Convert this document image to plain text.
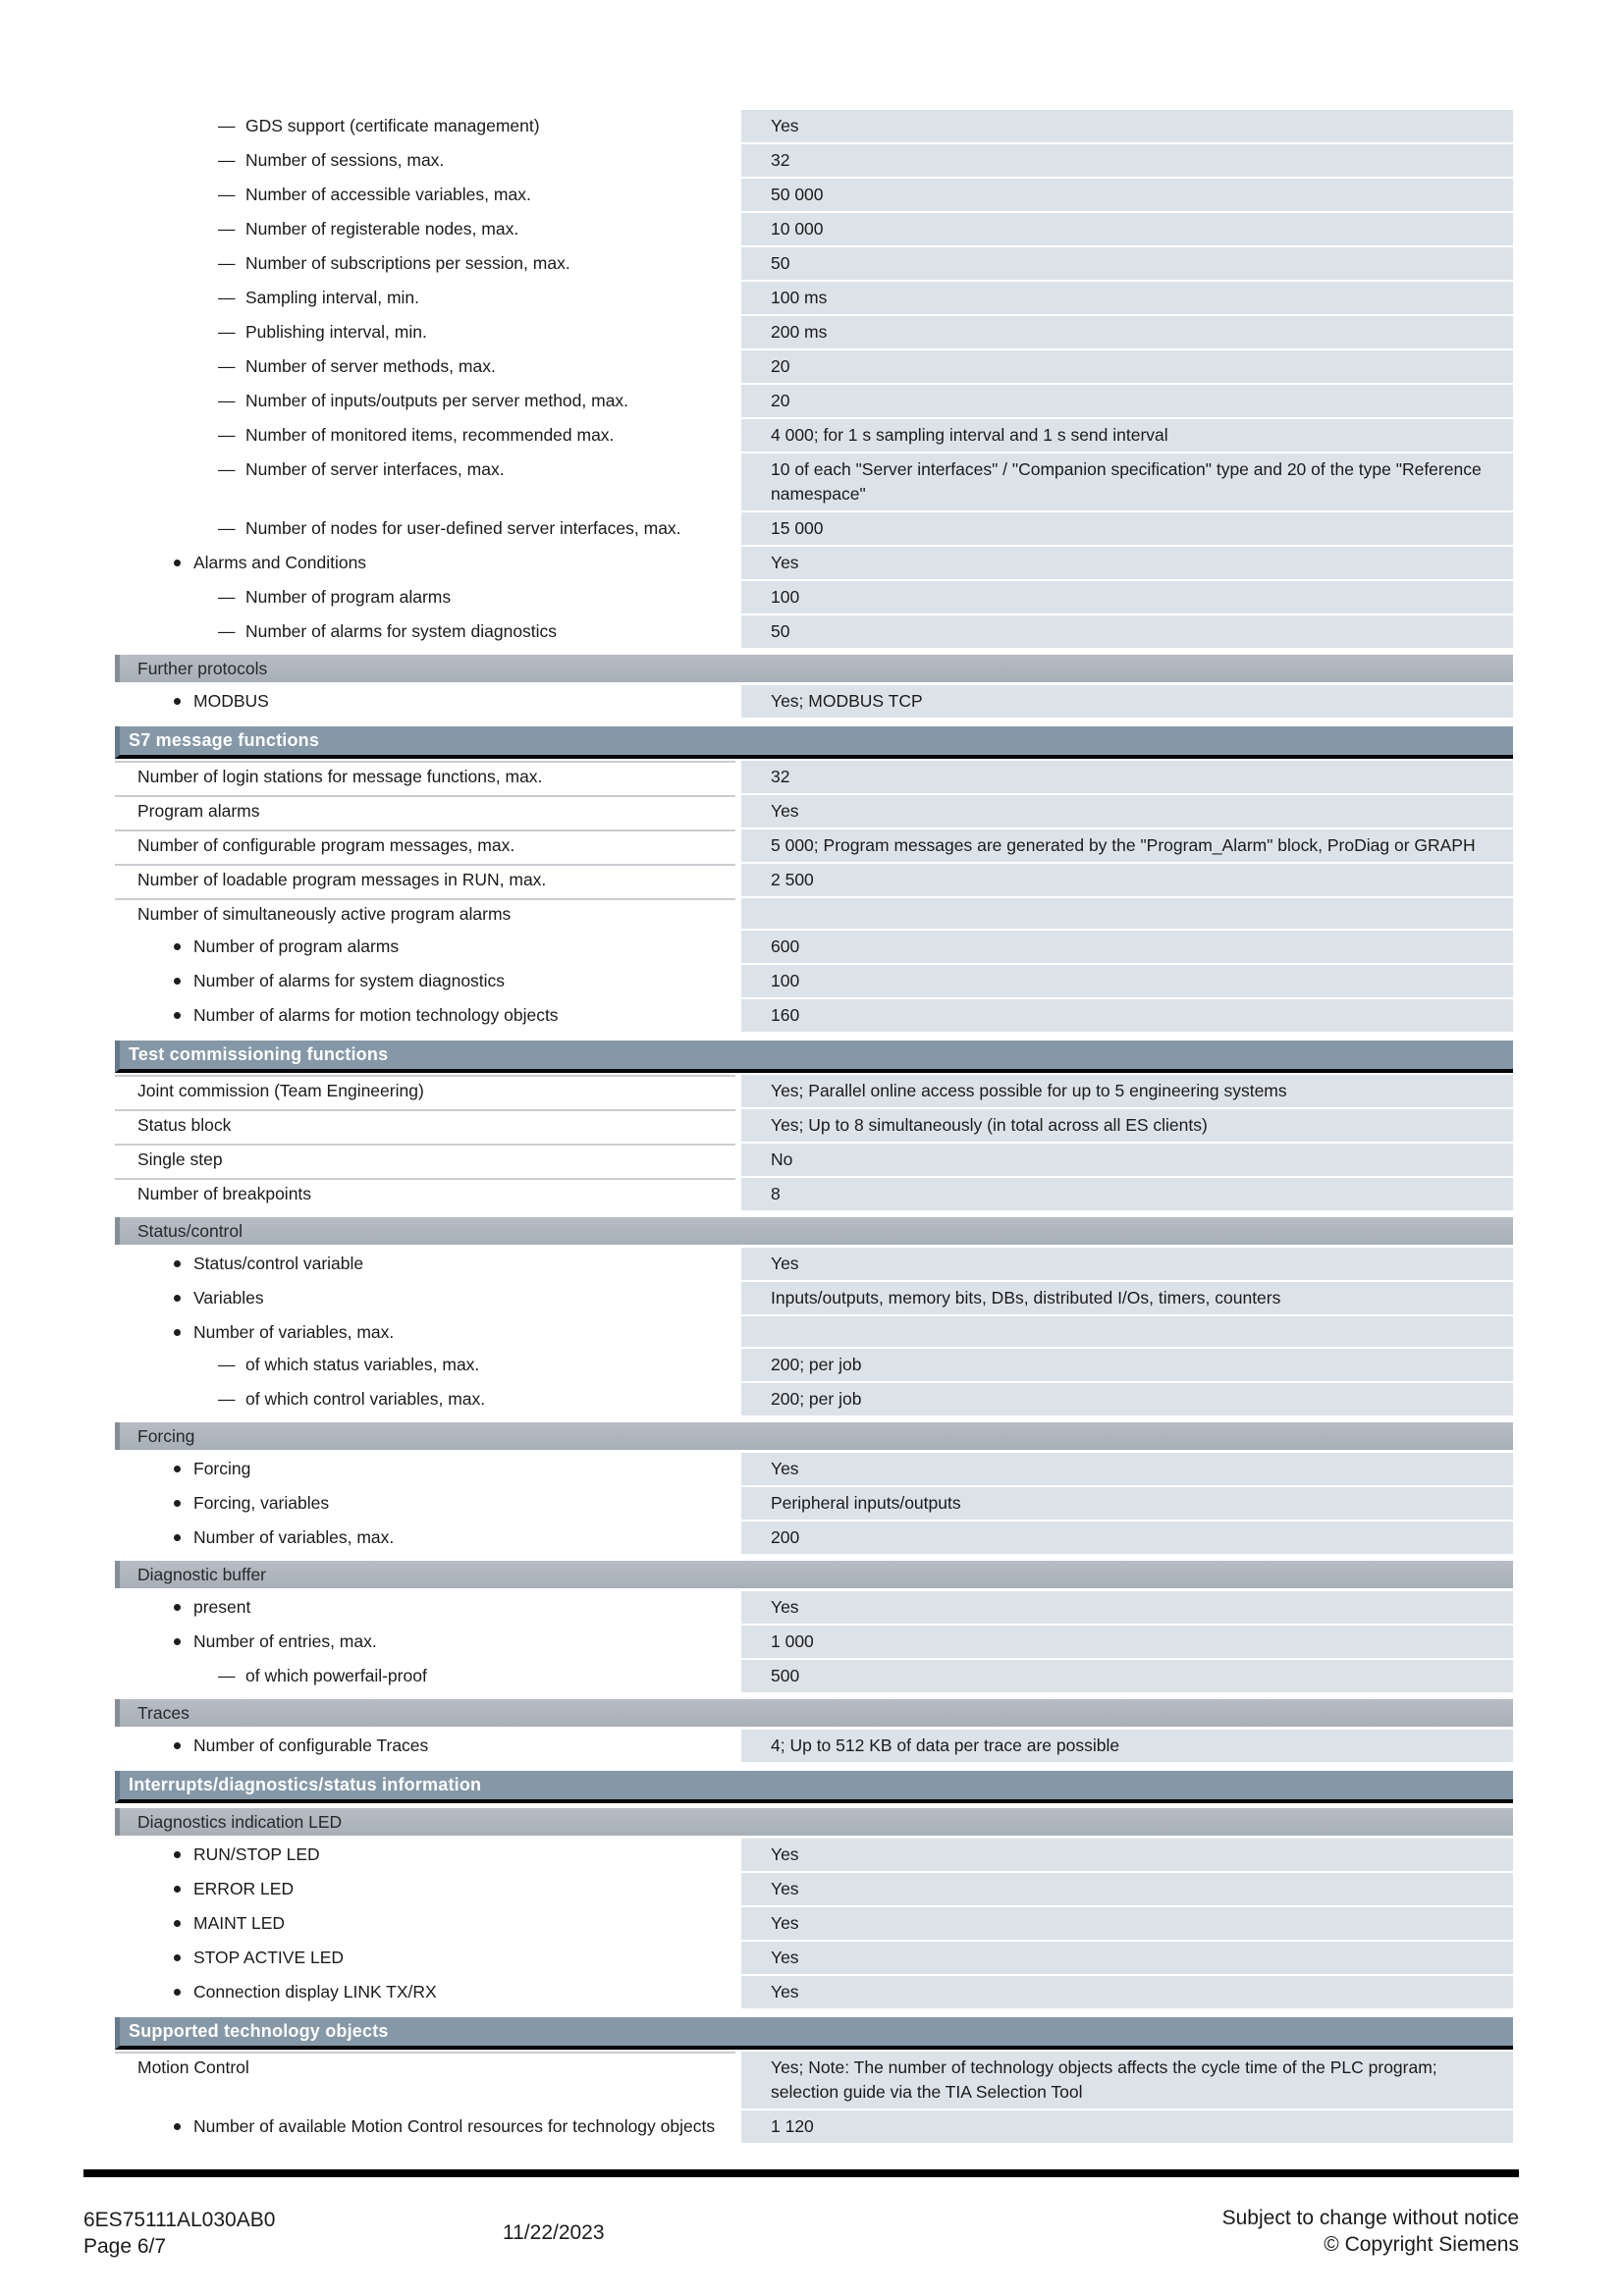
— GDS support (certificate management)	Yes
— Number of sessions, max.	32
— Number of accessible variables, max.	50 000
— Number of registerable nodes, max.	10 000
— Number of subscriptions per session, max.	50
— Sampling interval, min.	100 ms
— Publishing interval, min.	200 ms
— Number of server methods, max.	20
— Number of inputs/outputs per server method, max.	20
— Number of monitored items, recommended max.	4 000; for 1 s sampling interval and 1 s send interval
— Number of server interfaces, max.	10 of each "Server interfaces" / "Companion specification" type and 20 of the type "Reference namespace"
— Number of nodes for user-defined server interfaces, max.	15 000
Alarms and Conditions	Yes
— Number of program alarms	100
— Number of alarms for system diagnostics	50
Further protocols
MODBUS	Yes; MODBUS TCP
S7 message functions
Number of login stations for message functions, max.	32
Program alarms	Yes
Number of configurable program messages, max.	5 000; Program messages are generated by the "Program_Alarm" block, ProDiag or GRAPH
Number of loadable program messages in RUN, max.	2 500
Number of simultaneously active program alarms
Number of program alarms	600
Number of alarms for system diagnostics	100
Number of alarms for motion technology objects	160
Test commissioning functions
Joint commission (Team Engineering)	Yes; Parallel online access possible for up to 5 engineering systems
Status block	Yes; Up to 8 simultaneously (in total across all ES clients)
Single step	No
Number of breakpoints	8
Status/control
Status/control variable	Yes
Variables	Inputs/outputs, memory bits, DBs, distributed I/Os, timers, counters
Number of variables, max.
— of which status variables, max.	200; per job
— of which control variables, max.	200; per job
Forcing
Forcing	Yes
Forcing, variables	Peripheral inputs/outputs
Number of variables, max.	200
Diagnostic buffer
present	Yes
Number of entries, max.	1 000
— of which powerfail-proof	500
Traces
Number of configurable Traces	4; Up to 512 KB of data per trace are possible
Interrupts/diagnostics/status information
Diagnostics indication LED
RUN/STOP LED	Yes
ERROR LED	Yes
MAINT LED	Yes
STOP ACTIVE LED	Yes
Connection display LINK TX/RX	Yes
Supported technology objects
Motion Control	Yes; Note: The number of technology objects affects the cycle time of the PLC program; selection guide via the TIA Selection Tool
Number of available Motion Control resources for technology objects	1 120
6ES75111AL030AB0
Page 6/7
11/22/2023
Subject to change without notice
© Copyright Siemens
